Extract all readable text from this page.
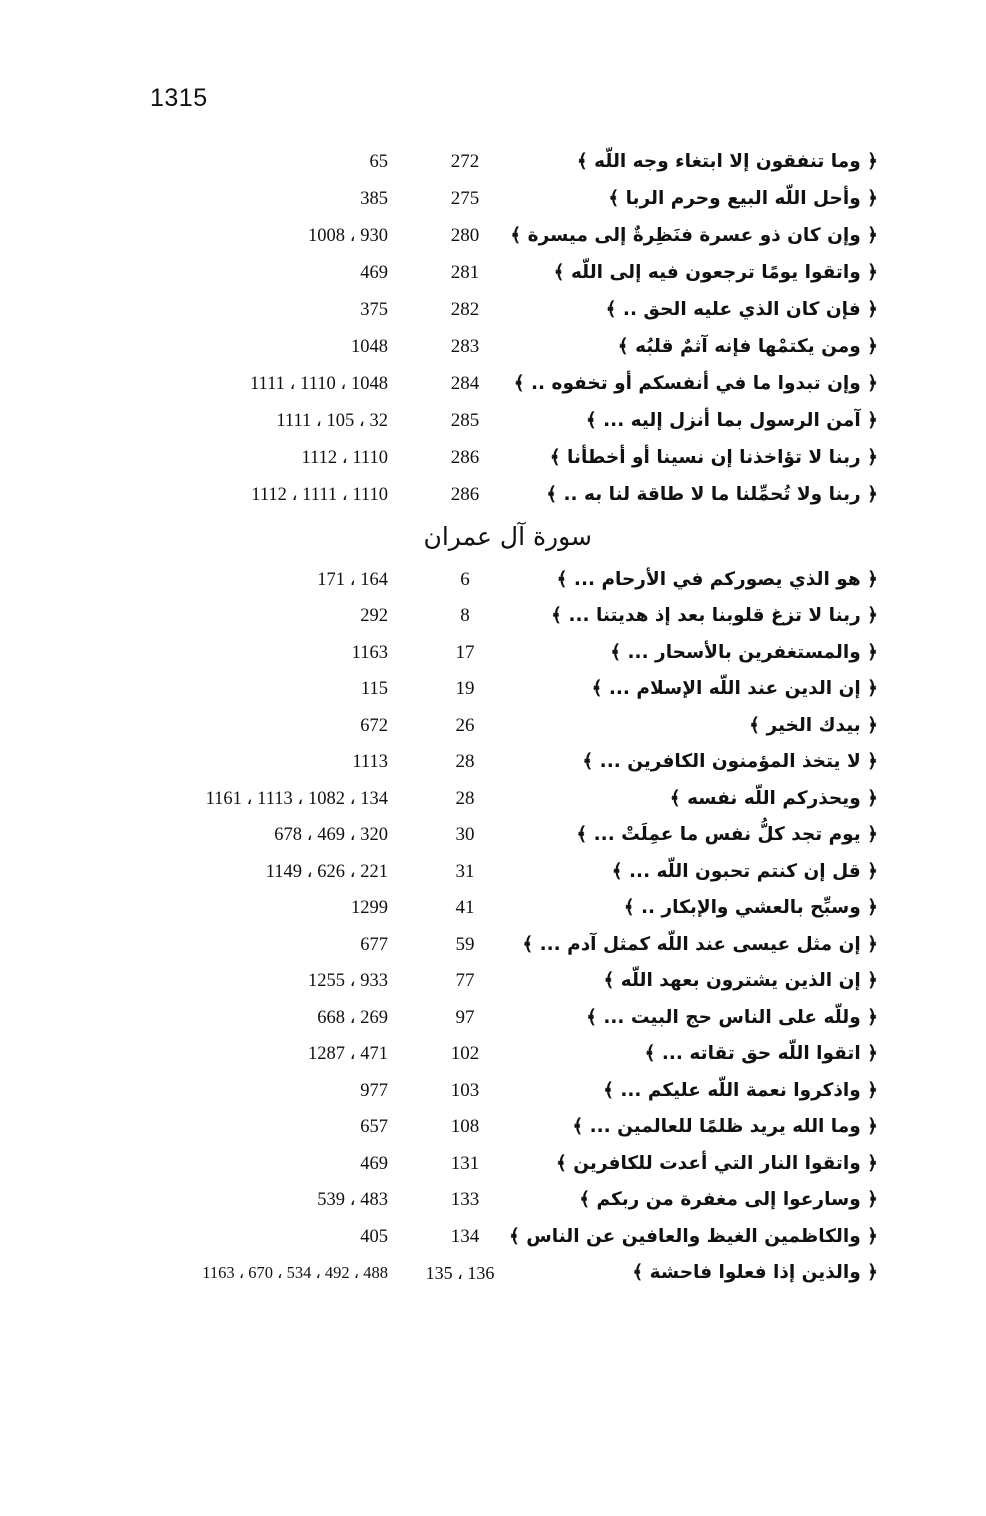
1315
﴿ وما تنفقون إلا ابتغاء وجه اللّه ﴾
272
65
﴿ وأحل اللّه البيع وحرم الربا ﴾
275
385
﴿ وإن كان ذو عسرة فنَظِرةٌ إلى ميسرة ﴾
280
930 ، 1008
﴿ واتقوا يومًا ترجعون فيه إلى اللّه ﴾
281
469
﴿ فإن كان الذي عليه الحق .. ﴾
282
375
﴿ ومن يكتمْها فإنه آثمٌ قلبُه ﴾
283
1048
﴿ وإن تبدوا ما في أنفسكم أو تخفوه .. ﴾
284
1048 ، 1110 ، 1111
﴿ آمن الرسول بما أنزل إليه ... ﴾
285
32 ، 105 ، 1111
﴿ ربنا لا تؤاخذنا إن نسينا أو أخطأنا ﴾
286
1110 ، 1112
﴿ ربنا ولا تُحمِّلنا ما لا طاقة لنا به .. ﴾
286
1110 ، 1111 ، 1112
سورة آل عمران
﴿ هو الذي يصوركم في الأرحام ... ﴾
6
164 ، 171
﴿ ربنا لا تزغ قلوبنا بعد إذ هديتنا ... ﴾
8
292
﴿ والمستغفرين بالأسحار ... ﴾
17
1163
﴿ إن الدين عند اللّه الإسلام ... ﴾
19
115
﴿ بيدك الخير ﴾
26
672
﴿ لا يتخذ المؤمنون الكافرين ... ﴾
28
1113
﴿ ويحذركم اللّه نفسه ﴾
28
134 ، 1082 ، 1113 ، 1161
﴿ يوم تجد كلُّ نفس ما عمِلَتْ ... ﴾
30
320 ، 469 ، 678
﴿ قل إن كنتم تحبون اللّه ... ﴾
31
221 ، 626 ، 1149
﴿ وسبِّح بالعشي والإبكار .. ﴾
41
1299
﴿ إن مثل عيسى عند اللّه كمثل آدم ... ﴾
59
677
﴿ إن الذين يشترون بعهد اللّه ﴾
77
933 ، 1255
﴿ وللّه على الناس حج البيت ... ﴾
97
269 ، 668
﴿ اتقوا اللّه حق تقاته ... ﴾
102
471 ، 1287
﴿ واذكروا نعمة اللّه عليكم ... ﴾
103
977
﴿ وما الله يريد ظلمًا للعالمين ... ﴾
108
657
﴿ واتقوا النار التي أعدت للكافرين ﴾
131
469
﴿ وسارعوا إلى مغفرة من ربكم ﴾
133
483 ، 539
﴿ والكاظمين الغيظ والعافين عن الناس ﴾
134
405
﴿ والذين إذا فعلوا فاحشة ﴾
135 ، 136
488 ، 492 ، 534 ، 670 ، 1163
